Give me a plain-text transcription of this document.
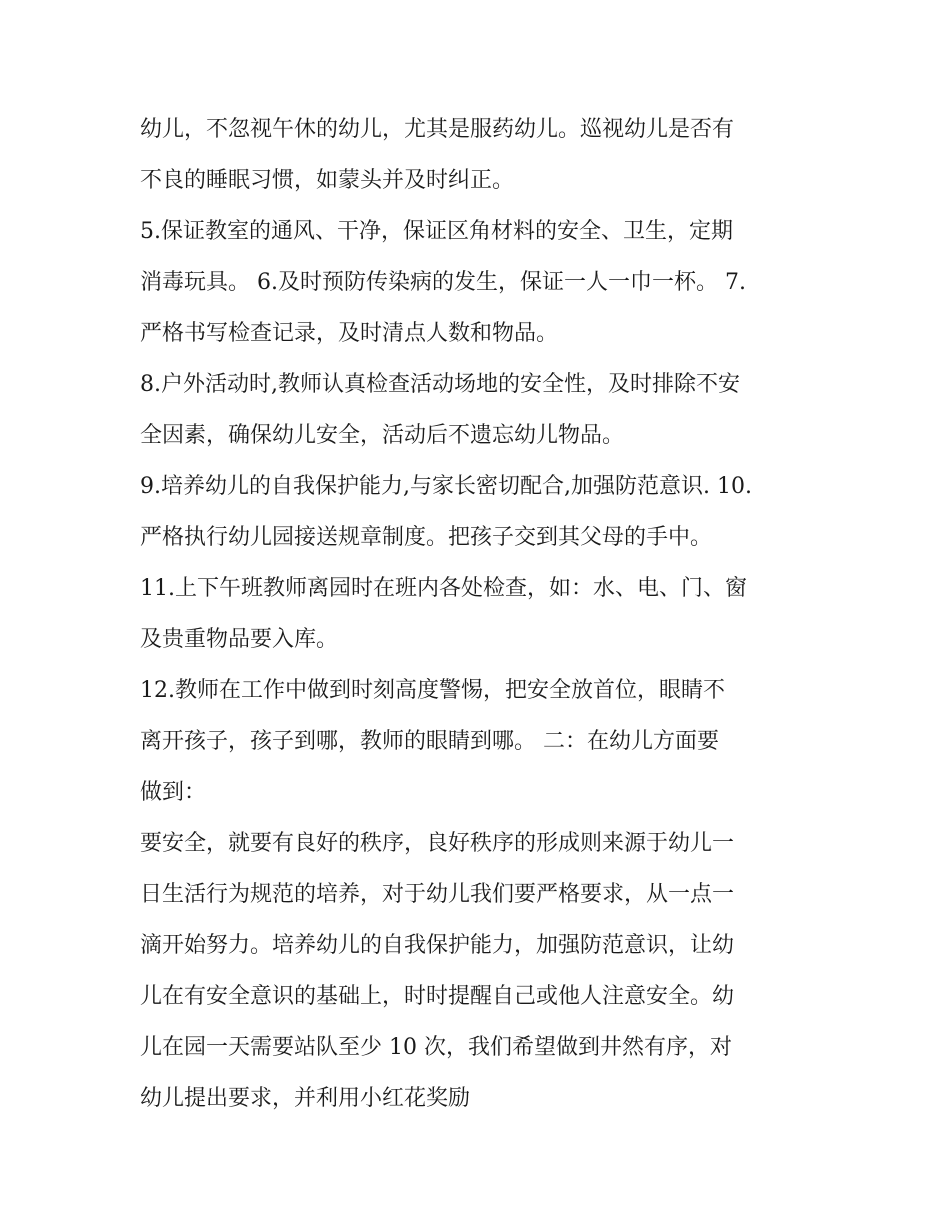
幼儿，不忽视午休的幼儿，尤其是服药幼儿。巡视幼儿是否有
不良的睡眠习惯，如蒙头并及时纠正。
5.保证教室的通风、干净，保证区角材料的安全、卫生，定期
消毒玩具。 6.及时预防传染病的发生，保证一人一巾一杯。 7.
严格书写检查记录，及时清点人数和物品。
8.户外活动时,教师认真检查活动场地的安全性，及时排除不安
全因素，确保幼儿安全，活动后不遗忘幼儿物品。
9.培养幼儿的自我保护能力,与家长密切配合,加强防范意识. 10.
严格执行幼儿园接送规章制度。把孩子交到其父母的手中。
11.上下午班教师离园时在班内各处检查，如：水、电、门、窗
及贵重物品要入库。
12.教师在工作中做到时刻高度警惕，把安全放首位，眼睛不
离开孩子，孩子到哪，教师的眼睛到哪。 二：在幼儿方面要
做到：
要安全，就要有良好的秩序，良好秩序的形成则来源于幼儿一
日生活行为规范的培养，对于幼儿我们要严格要求，从一点一
滴开始努力。培养幼儿的自我保护能力，加强防范意识，让幼
儿在有安全意识的基础上，时时提醒自己或他人注意安全。幼
儿在园一天需要站队至少 10 次，我们希望做到井然有序，对
幼儿提出要求，并利用小红花奖励
